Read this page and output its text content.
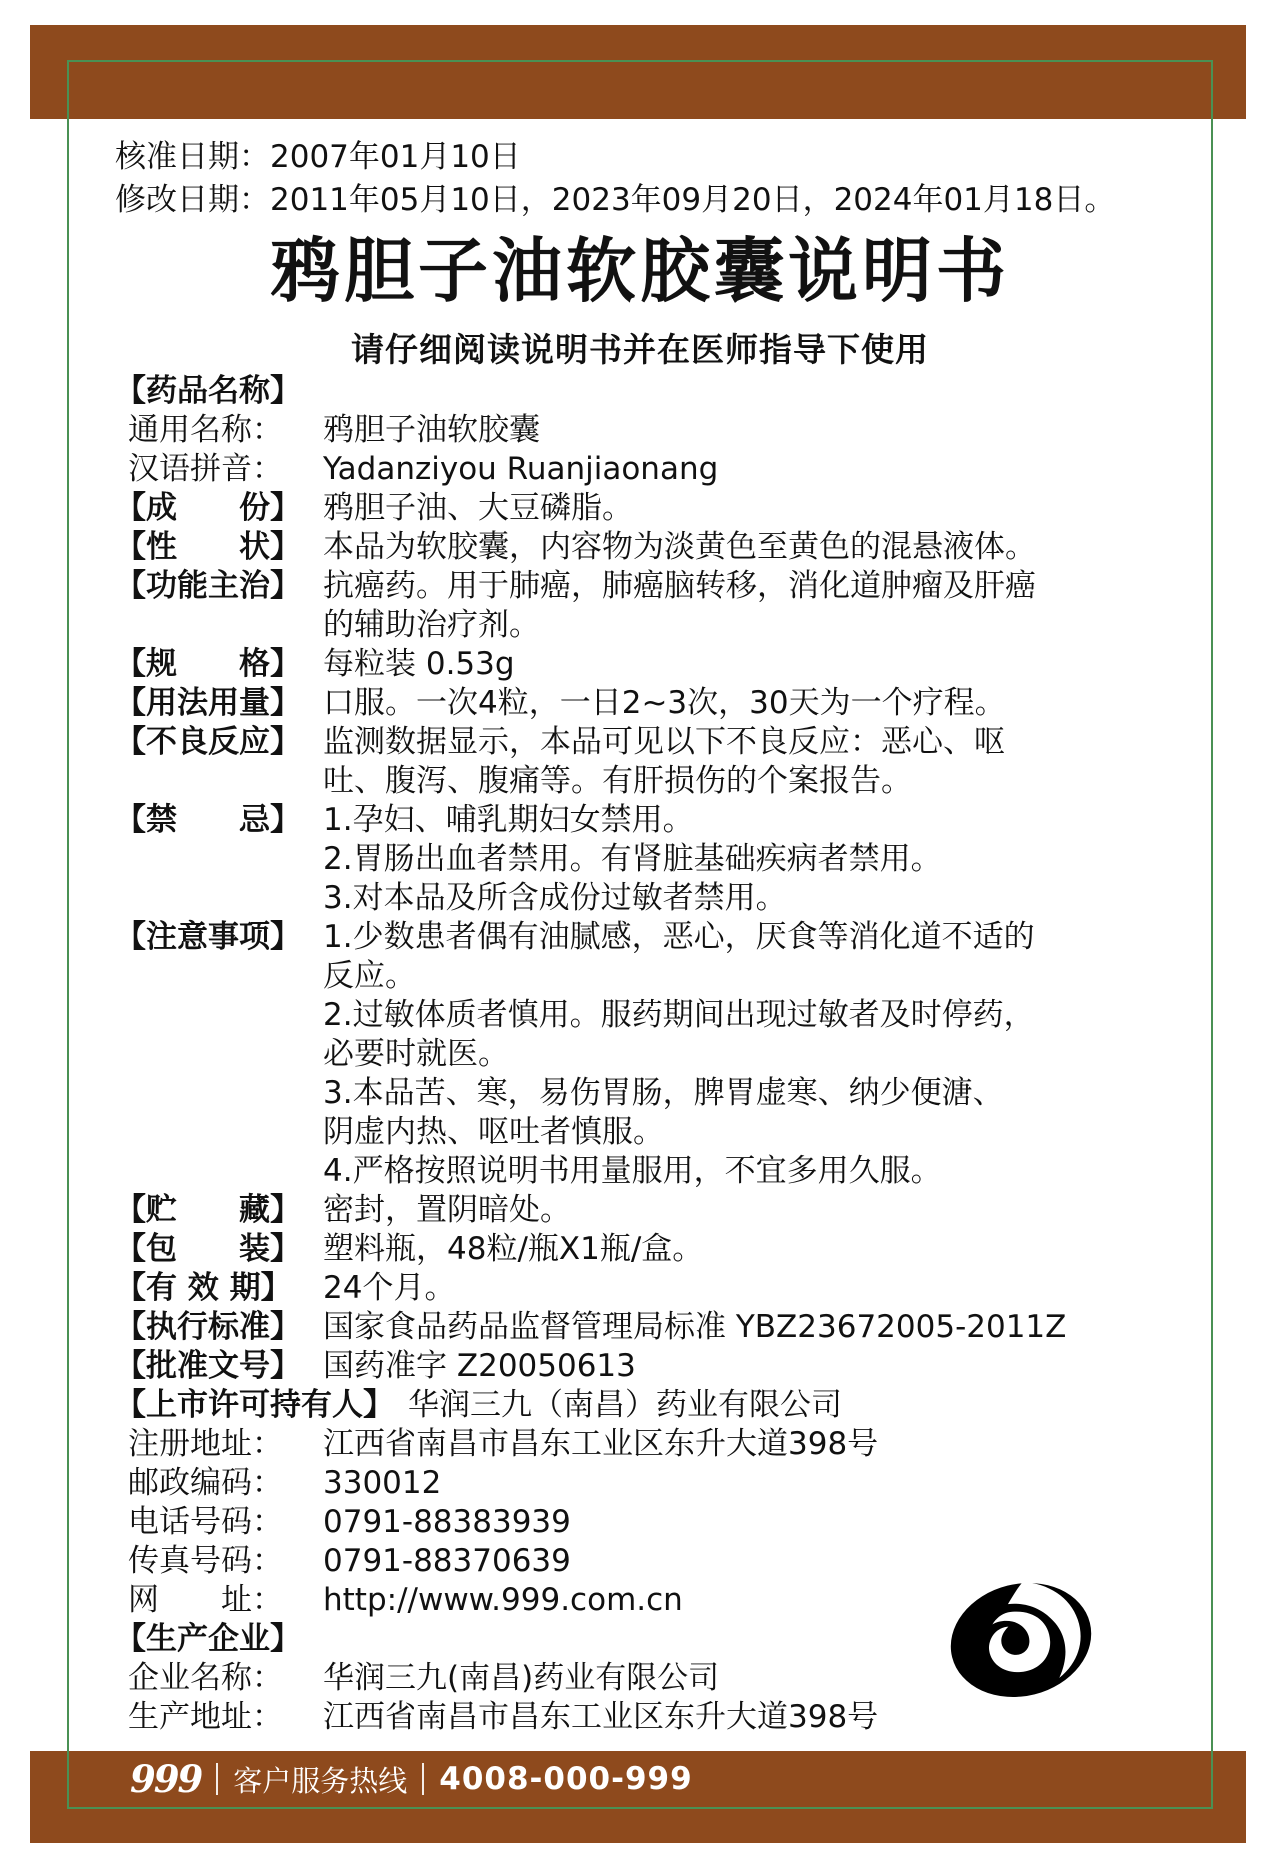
核准日期：2007年01月10日
修改日期：2011年05月10日，2023年09月20日，2024年01月18日。
鸦胆子油软胶囊说明书
请仔细阅读说明书并在医师指导下使用
【药品名称】
通用名称：	鸦胆子油软胶囊
汉语拼音：	Yadanziyou Ruanjiaonang
【成　　份】 鸦胆子油、大豆磷脂。
【性　　状】 本品为软胶囊，内容物为淡黄色至黄色的混悬液体。
【功能主治】 抗癌药。用于肺癌，肺癌脑转移，消化道肿瘤及肝癌
的辅助治疗剂。
【规　　格】 每粒装 0.53g
【用法用量】 口服。一次4粒，一日2~3次，30天为一个疗程。
【不良反应】 监测数据显示，本品可见以下不良反应：恶心、呕
吐、腹泻、腹痛等。有肝损伤的个案报告。
【禁　　忌】 1.孕妇、哺乳期妇女禁用。
2.胃肠出血者禁用。有肾脏基础疾病者禁用。
3.对本品及所含成份过敏者禁用。
【注意事项】 1.少数患者偶有油腻感，恶心，厌食等消化道不适的
反应。
2.过敏体质者慎用。服药期间出现过敏者及时停药，
必要时就医。
3.本品苦、寒，易伤胃肠，脾胃虚寒、纳少便溏、
阴虚内热、呕吐者慎服。
4.严格按照说明书用量服用，不宜多用久服。
【贮　　藏】 密封，置阴暗处。
【包　　装】 塑料瓶，48粒/瓶X1瓶/盒。
【有 效 期】	24个月。
【执行标准】 国家食品药品监督管理局标准 YBZ23672005-2011Z
【批准文号】 国药准字 Z20050613
【上市许可持有人】 华润三九（南昌）药业有限公司
注册地址：	江西省南昌市昌东工业区东升大道398号
邮政编码：	330012
电话号码：	0791-88383939
传真号码：	0791-88370639
网　　址：	http://www.999.com.cn
【生产企业】
企业名称：	华润三九(南昌)药业有限公司
生产地址：	江西省南昌市昌东工业区东升大道398号
999 客户服务热线 4008-000-999
